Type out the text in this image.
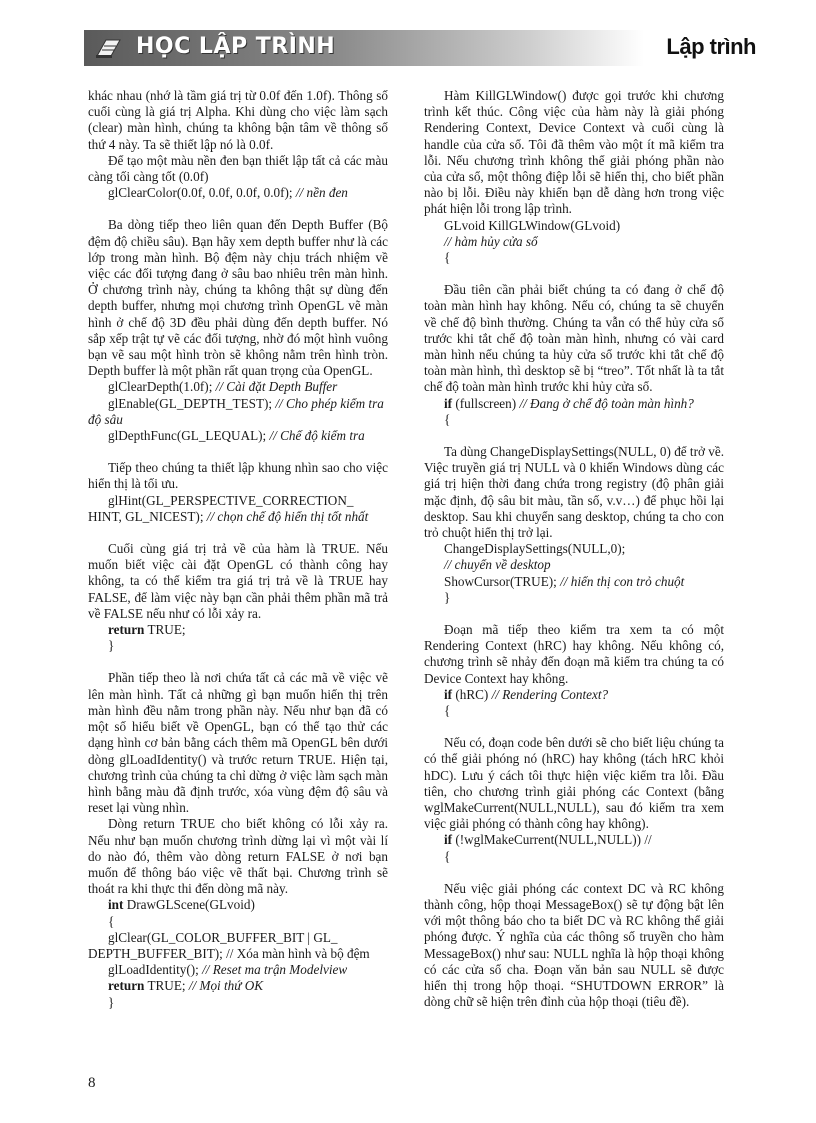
HỌC LẬP TRÌNH	Lập trình

khác nhau (nhớ là tầm giá trị từ 0.0f đến 1.0f). Thông số cuối cùng là giá trị Alpha. Khi dùng cho việc làm sạch (clear) màn hình, chúng ta không bận tâm về thông số thứ 4 này. Ta sẽ thiết lập nó là 0.0f.

Để tạo một màu nền đen bạn thiết lập tất cả các màu càng tối càng tốt (0.0f)

glClearColor(0.0f, 0.0f, 0.0f, 0.0f); // nền đen

Ba dòng tiếp theo liên quan đến Depth Buffer (Bộ đệm độ chiều sâu). Bạn hãy xem depth buffer như là các lớp trong màn hình. Bộ đệm này chịu trách nhiệm về việc các đối tượng đang ở sâu bao nhiêu trên màn hình. Ở chương trình này, chúng ta không thật sự dùng đến depth buffer, nhưng mọi chương trình OpenGL vẽ màn hình ở chế độ 3D đều phải dùng đến depth buffer. Nó sắp xếp trật tự vẽ các đối tượng, nhờ đó một hình vuông bạn vẽ sau một hình tròn sẽ không nằm trên hình tròn. Depth buffer là một phần rất quan trọng của OpenGL.

glClearDepth(1.0f); // Cài đặt Depth Buffer
glEnable(GL_DEPTH_TEST); // Cho phép kiểm tra độ sâu
glDepthFunc(GL_LEQUAL); // Chế độ kiểm tra

Tiếp theo chúng ta thiết lập khung nhìn sao cho việc hiển thị là tối ưu.

glHint(GL_PERSPECTIVE_CORRECTION_ HINT, GL_NICEST); // chọn chế độ hiển thị tốt nhất

Cuối cùng giá trị trả về của hàm là TRUE. Nếu muốn biết việc cài đặt OpenGL có thành công hay không, ta có thể kiểm tra giá trị trả về là TRUE hay FALSE, để làm việc này bạn cần phải thêm phần mã trả về FALSE nếu như có lỗi xảy ra.

return TRUE;
}

Phần tiếp theo là nơi chứa tất cả các mã về việc vẽ lên màn hình. Tất cả những gì bạn muốn hiển thị trên màn hình đều nằm trong phần này. Nếu như bạn đã có một số hiểu biết về OpenGL, bạn có thể tạo thử các dạng hình cơ bản bằng cách thêm mã OpenGL bên dưới dòng glLoadIdentity() và trước return TRUE. Hiện tại, chương trình của chúng ta chỉ dừng ở việc làm sạch màn hình bằng màu đã định trước, xóa vùng đệm độ sâu và reset lại vùng nhìn.

Dòng return TRUE cho biết không có lỗi xảy ra. Nếu như bạn muốn chương trình dừng lại vì một vài lí do nào đó, thêm vào dòng return FALSE ở nơi bạn muốn để thông báo việc vẽ thất bại. Chương trình sẽ thoát ra khi thực thi đến dòng mã này.

int DrawGLScene(GLvoid)
{
glClear(GL_COLOR_BUFFER_BIT | GL_ DEPTH_BUFFER_BIT); // Xóa màn hình và bộ đệm
glLoadIdentity(); // Reset ma trận Modelview
return TRUE; // Mọi thứ OK
}

Hàm KillGLWindow() được gọi trước khi chương trình kết thúc. Công việc của hàm này là giải phóng Rendering Context, Device Context và cuối cùng là handle của cửa sổ. Tôi đã thêm vào một ít mã kiểm tra lỗi. Nếu chương trình không thể giải phóng phần nào của cửa sổ, một thông điệp lỗi sẽ hiển thị, cho biết phần nào bị lỗi. Điều này khiến bạn dễ dàng hơn trong việc phát hiện lỗi trong lập trình.

GLvoid KillGLWindow(GLvoid)
// hàm hủy cửa sổ
{

Đầu tiên cần phải biết chúng ta có đang ở chế độ toàn màn hình hay không. Nếu có, chúng ta sẽ chuyển về chế độ bình thường. Chúng ta vẫn có thể hủy cửa sổ trước khi tắt chế độ toàn màn hình, nhưng có vài card màn hình nếu chúng ta hủy cửa sổ trước khi tắt chế độ toàn màn hình, thì desktop sẽ bị “treo”. Tốt nhất là ta tắt chế độ toàn màn hình trước khi hủy cửa sổ.

if (fullscreen) // Đang ở chế độ toàn màn hình?
{

Ta dùng ChangeDisplaySettings(NULL, 0) để trở về. Việc truyền giá trị NULL và 0 khiến Windows dùng các giá trị hiện thời đang chứa trong registry (độ phân giải mặc định, độ sâu bit màu, tần số, v.v…) để phục hồi lại desktop. Sau khi chuyển sang desktop, chúng ta cho con trỏ chuột hiển thị trở lại.

ChangeDisplaySettings(NULL,0);
// chuyển về desktop
ShowCursor(TRUE); // hiển thị con trỏ chuột
}

Đoạn mã tiếp theo kiểm tra xem ta có một Rendering Context (hRC) hay không. Nếu không có, chương trình sẽ nhảy đến đoạn mã kiểm tra chúng ta có Device Context hay không.

if (hRC) // Rendering Context?
{

Nếu có, đoạn code bên dưới sẽ cho biết liệu chúng ta có thể giải phóng nó (hRC) hay không (tách hRC khỏi hDC). Lưu ý cách tôi thực hiện việc kiểm tra lỗi. Đầu tiên, cho chương trình giải phóng các Context (bằng wglMakeCurrent(NULL,NULL), sau đó kiểm tra xem việc giải phóng có thành công hay không).

if (!wglMakeCurrent(NULL,NULL)) //
{

Nếu việc giải phóng các context DC và RC không thành công, hộp thoại MessageBox() sẽ tự động bật lên với một thông báo cho ta biết DC và RC không thể giải phóng được. Ý nghĩa của các thông số truyền cho hàm MessageBox() như sau: NULL nghĩa là hộp thoại không có các cửa sổ cha. Đoạn văn bản sau NULL sẽ được hiển thị trong hộp thoại. “SHUTDOWN ERROR” là dòng chữ sẽ hiện trên đỉnh của hộp thoại (tiêu đề).

8
